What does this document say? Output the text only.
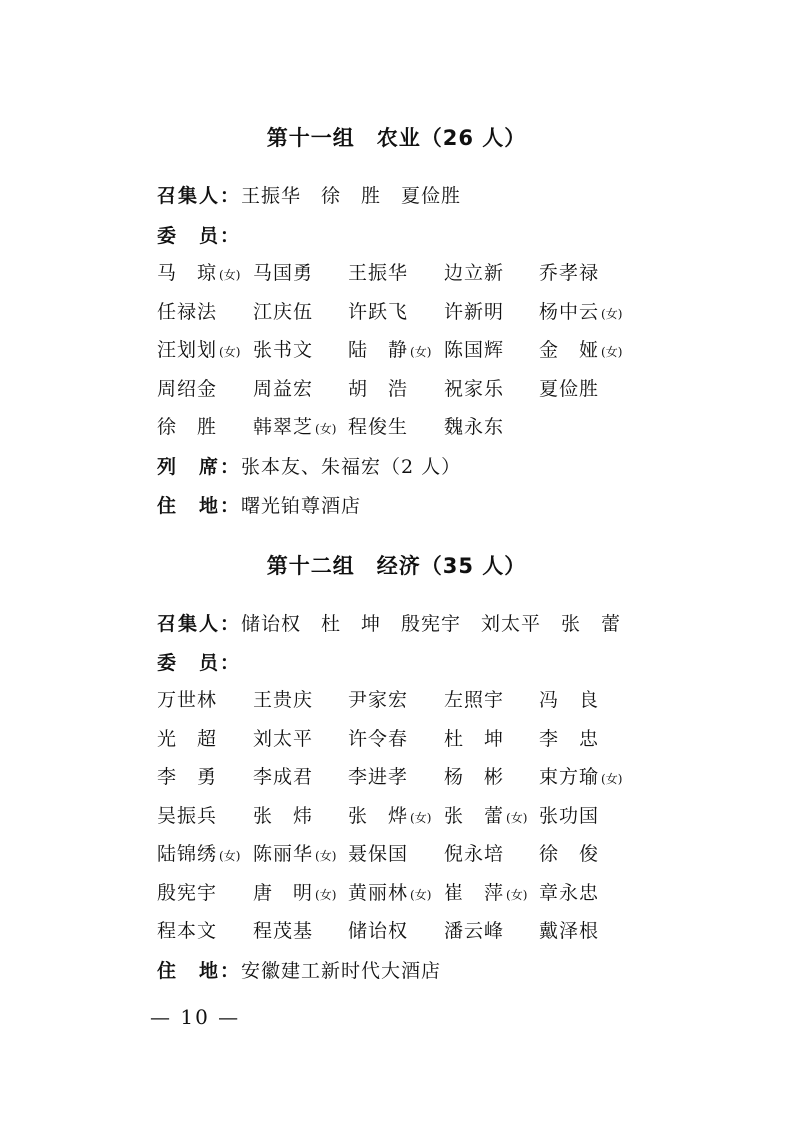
第十一组　农业（26 人）
召集人：王振华　徐　胜　夏俭胜
委　员：
马　琼 (女) 马国勇 王振华 边立新 乔孝禄
任禄法 江庆伍 许跃飞 许新明 杨中云 (女)
汪划划 (女) 张书文 陆　静 (女) 陈国辉 金　娅 (女)
周绍金 周益宏 胡　浩 祝家乐 夏俭胜
徐　胜 韩翠芝 (女) 程俊生 魏永东
列　席：张本友、朱福宏（2 人）
住　地：曙光铂尊酒店
第十二组　经济（35 人）
召集人：储诒权　杜　坤　殷宪宇　刘太平　张　蕾
委　员：
万世林 王贵庆 尹家宏 左照宇 冯　良
光　超 刘太平 许令春 杜　坤 李　忠
李　勇 李成君 李进孝 杨　彬 束方瑜 (女)
吴振兵 张　炜 张　烨 (女) 张　蕾 (女) 张功国
陆锦绣 (女) 陈丽华 (女) 聂保国 倪永培 徐　俊
殷宪宇 唐　明 (女) 黄丽林 (女) 崔　萍 (女) 章永忠
程本文 程茂基 储诒权 潘云峰 戴泽根
住　地：安徽建工新时代大酒店
— 10 —
